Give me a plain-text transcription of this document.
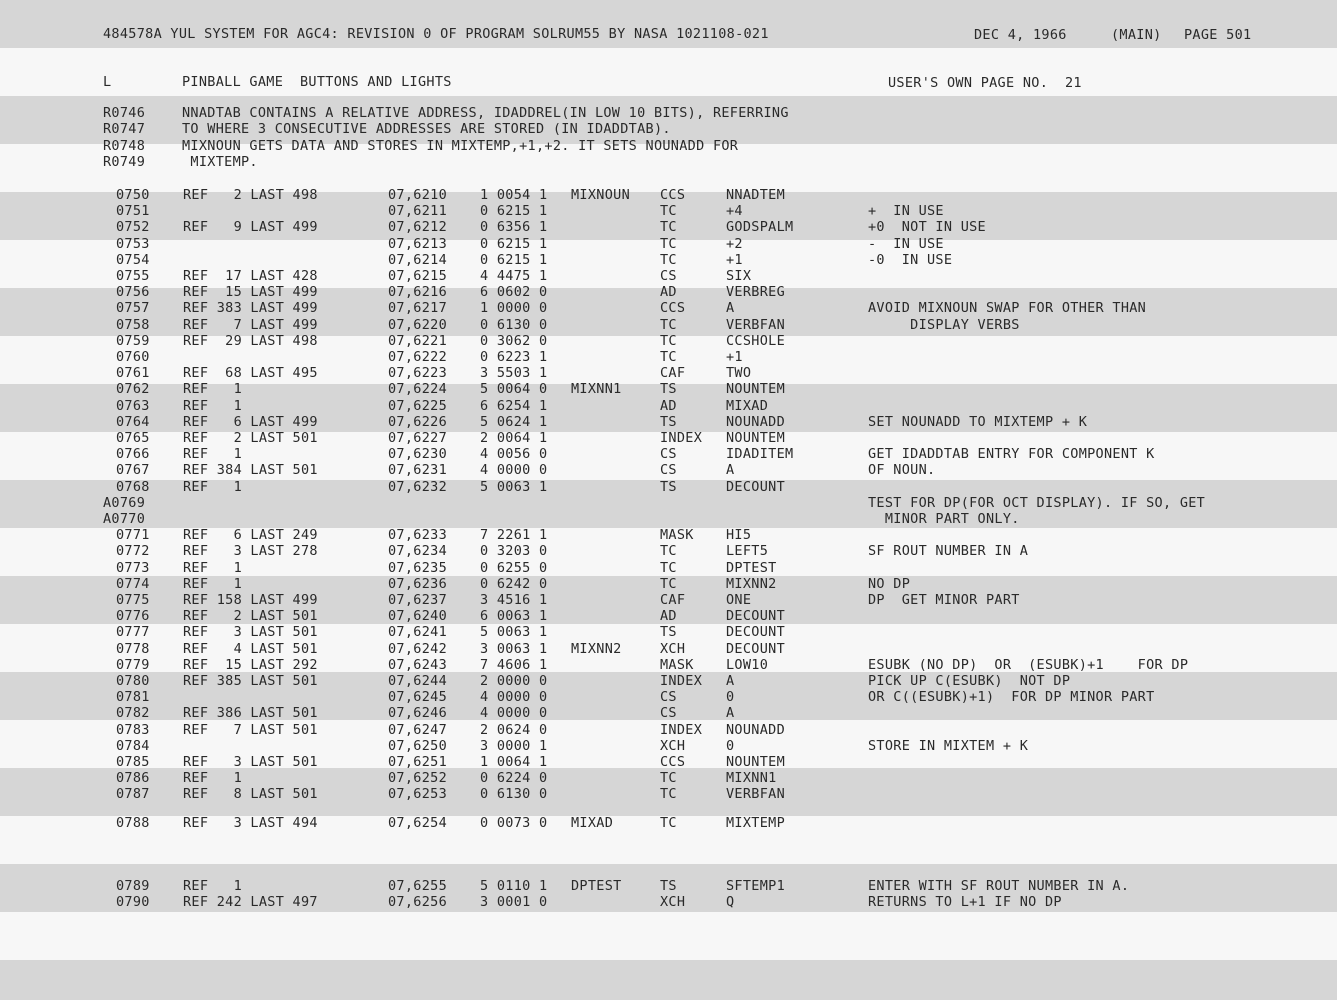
484578A YUL SYSTEM FOR AGC4: REVISION 0 OF PROGRAM SOLRUM55 BY NASA 1021108-021	DEC 4, 1966	(MAIN) PAGE 501
L	PINBALL GAME  BUTTONS AND LIGHTS	USER'S OWN PAGE NO.  21
R0746	NNADTAB CONTAINS A RELATIVE ADDRESS, IDADDREL(IN LOW 10 BITS), REFERRING
R0747	TO WHERE 3 CONSECUTIVE ADDRESSES ARE STORED (IN IDADDTAB).
R0748	MIXNOUN GETS DATA AND STORES IN MIXTEMP,+1,+2. IT SETS NOUNADD FOR
R0749	MIXTEMP.
0750 REF   2 LAST 498	07,6210 1 0054 1 MIXNOUN CCS	NNADTEM
0751	07,6211 0 6215 1	TC	+4	+  IN USE
0752 REF   9 LAST 499	07,6212 0 6356 1	TC	GODSPALM	+0  NOT IN USE
0753	07,6213 0 6215 1	TC	+2	-  IN USE
0754	07,6214 0 6215 1	TC	+1	-0  IN USE
0755 REF  17 LAST 428	07,6215 4 4475 1	CS	SIX
0756 REF  15 LAST 499	07,6216 6 0602 0	AD	VERBREG
0757 REF 383 LAST 499	07,6217 1 0000 0	CCS	A	AVOID MIXNOUN SWAP FOR OTHER THAN
0758 REF   7 LAST 499	07,6220 0 6130 0	TC	VERBFAN	DISPLAY VERBS
0759 REF  29 LAST 498	07,6221 0 3062 0	TC	CCSHOLE
0760	07,6222 0 6223 1	TC	+1
0761 REF  68 LAST 495	07,6223 3 5503 1	CAF	TWO
0762 REF   1	07,6224 5 0064 0 MIXNN1	TS	NOUNTEM
0763 REF   1	07,6225 6 6254 1	AD	MIXAD
0764 REF   6 LAST 499	07,6226 5 0624 1	TS	NOUNADD	SET NOUNADD TO MIXTEMP + K
0765 REF   2 LAST 501	07,6227 2 0064 1	INDEX NOUNTEM
0766 REF   1	07,6230 4 0056 0	CS	IDADITEM	GET IDADDTAB ENTRY FOR COMPONENT K
0767 REF 384 LAST 501	07,6231 4 0000 0	CS	A	OF NOUN.
0768 REF   1	07,6232 5 0063 1	TS	DECOUNT
A0769	TEST FOR DP(FOR OCT DISPLAY). IF SO, GET
A0770	MINOR PART ONLY.
0771 REF   6 LAST 249	07,6233 7 2261 1	MASK HI5
0772 REF   3 LAST 278	07,6234 0 3203 0	TC	LEFT5	SF ROUT NUMBER IN A
0773 REF   1	07,6235 0 6255 0	TC	DPTEST
0774 REF   1	07,6236 0 6242 0	TC	MIXNN2	NO DP
0775 REF 158 LAST 499	07,6237 3 4516 1	CAF	ONE	DP  GET MINOR PART
0776 REF   2 LAST 501	07,6240 6 0063 1	AD	DECOUNT
0777 REF   3 LAST 501	07,6241 5 0063 1	TS	DECOUNT
0778 REF   4 LAST 501	07,6242 3 0063 1 MIXNN2	XCH	DECOUNT
0779 REF  15 LAST 292	07,6243 7 4606 1	MASK LOW10	ESUBK (NO DP)  OR  (ESUBK)+1    FOR DP
0780 REF 385 LAST 501	07,6244 2 0000 0	INDEX A	PICK UP C(ESUBK)  NOT DP
0781	07,6245 4 0000 0	CS	0	OR C((ESUBK)+1)  FOR DP MINOR PART
0782 REF 386 LAST 501	07,6246 4 0000 0	CS	A
0783 REF   7 LAST 501	07,6247 2 0624 0	INDEX NOUNADD
0784	07,6250 3 0000 1	XCH	0	STORE IN MIXTEM + K
0785 REF   3 LAST 501	07,6251 1 0064 1	CCS	NOUNTEM
0786 REF   1	07,6252 0 6224 0	TC	MIXNN1
0787 REF   8 LAST 501	07,6253 0 6130 0	TC	VERBFAN
0788 REF   3 LAST 494	07,6254 0 0073 0 MIXAD	TC	MIXTEMP
0789 REF   1	07,6255 5 0110 1 DPTEST	TS	SFTEMP1	ENTER WITH SF ROUT NUMBER IN A.
0790 REF 242 LAST 497	07,6256 3 0001 0	XCH	Q	RETURNS TO L+1 IF NO DP
